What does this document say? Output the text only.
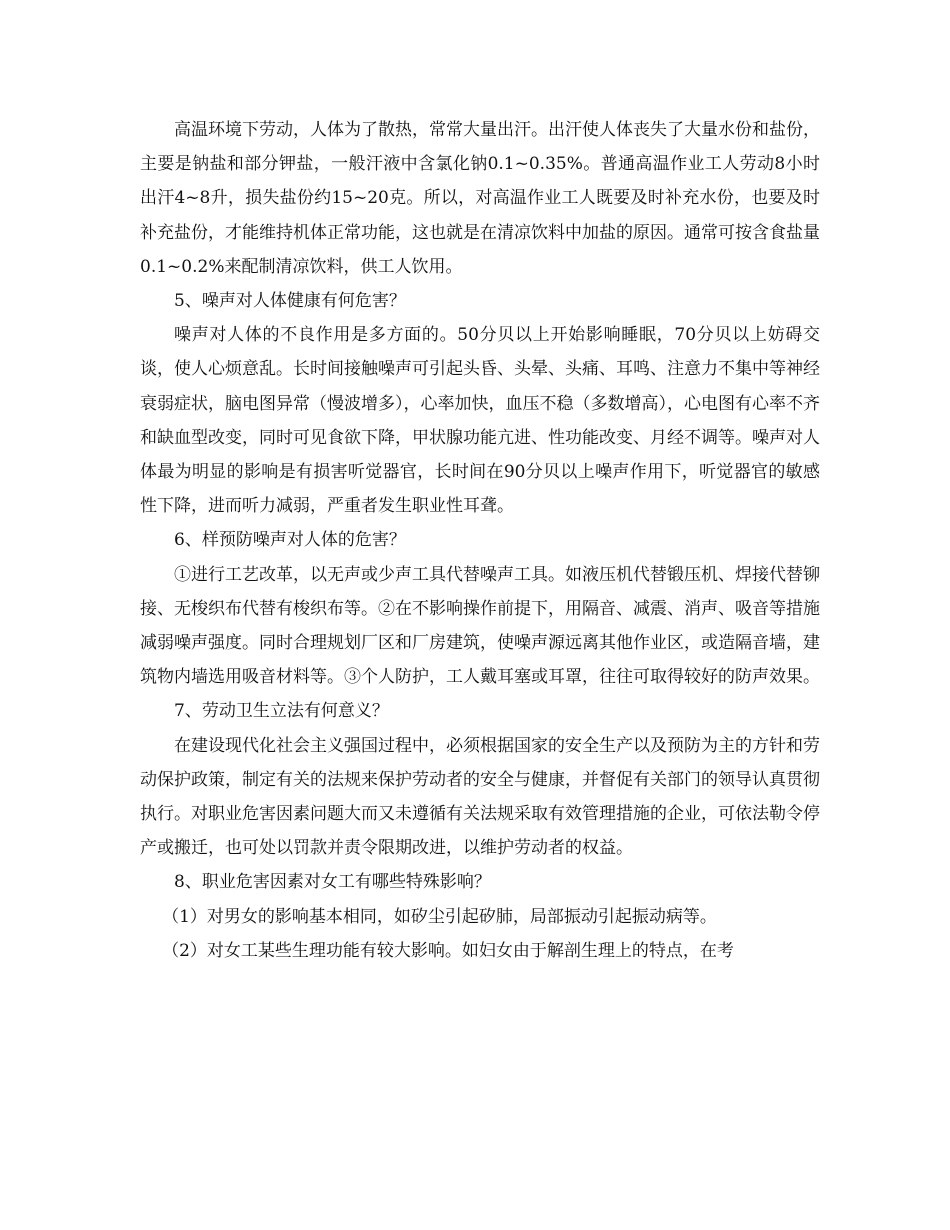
高温环境下劳动，人体为了散热，常常大量出汗。出汗使人体丧失了大量水份和盐份，主要是钠盐和部分钾盐，一般汗液中含氯化钠0.1~0.35%。普通高温作业工人劳动8小时出汗4~8升，损失盐份约15~20克。所以，对高温作业工人既要及时补充水份，也要及时补充盐份，才能维持机体正常功能，这也就是在清凉饮料中加盐的原因。通常可按含食盐量0.1~0.2%来配制清凉饮料，供工人饮用。

5、噪声对人体健康有何危害？

噪声对人体的不良作用是多方面的。50分贝以上开始影响睡眠，70分贝以上妨碍交谈，使人心烦意乱。长时间接触噪声可引起头昏、头晕、头痛、耳鸣、注意力不集中等神经衰弱症状，脑电图异常（慢波增多），心率加快，血压不稳（多数增高），心电图有心率不齐和缺血型改变，同时可见食欲下降，甲状腺功能亢进、性功能改变、月经不调等。噪声对人体最为明显的影响是有损害听觉器官，长时间在90分贝以上噪声作用下，听觉器官的敏感性下降，进而听力减弱，严重者发生职业性耳聋。

6、样预防噪声对人体的危害？

①进行工艺改革，以无声或少声工具代替噪声工具。如液压机代替锻压机、焊接代替铆接、无梭织布代替有梭织布等。②在不影响操作前提下，用隔音、减震、消声、吸音等措施减弱噪声强度。同时合理规划厂区和厂房建筑，使噪声源远离其他作业区，或造隔音墙，建筑物内墙选用吸音材料等。③个人防护，工人戴耳塞或耳罩，往往可取得较好的防声效果。

7、劳动卫生立法有何意义？

在建设现代化社会主义强国过程中，必须根据国家的安全生产以及预防为主的方针和劳动保护政策，制定有关的法规来保护劳动者的安全与健康，并督促有关部门的领导认真贯彻执行。对职业危害因素问题大而又未遵循有关法规采取有效管理措施的企业，可依法勒令停产或搬迁，也可处以罚款并责令限期改进，以维护劳动者的权益。

8、职业危害因素对女工有哪些特殊影响？

（1）对男女的影响基本相同，如矽尘引起矽肺，局部振动引起振动病等。

（2）对女工某些生理功能有较大影响。如妇女由于解剖生理上的特点，在考
